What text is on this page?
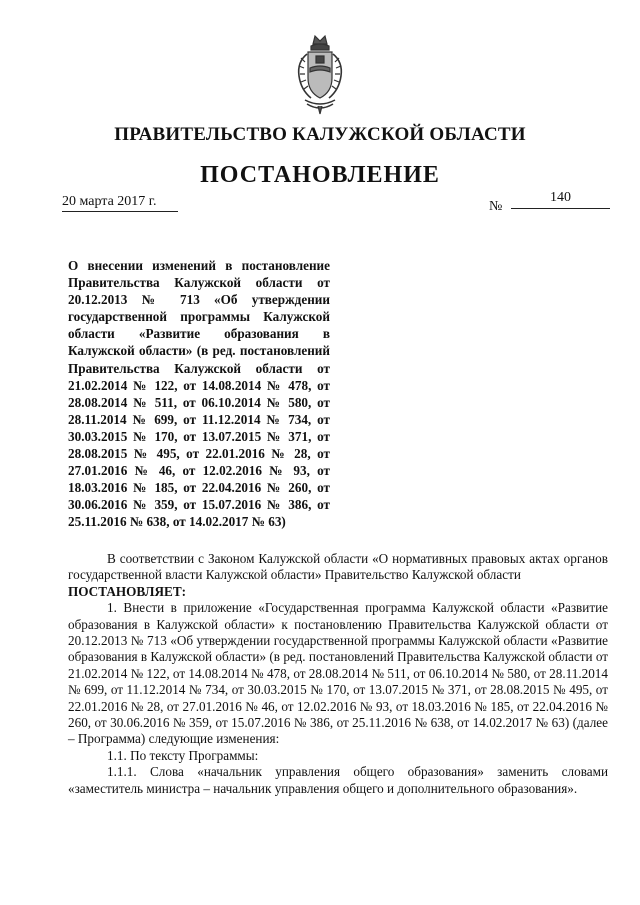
ПРАВИТЕЛЬСТВО КАЛУЖСКОЙ ОБЛАСТИ
ПОСТАНОВЛЕНИЕ
20 марта 2017 г.	№
140

О внесении изменений в постановление Правительства Калужской области от 20.12.2013 № 713 «Об утверждении государственной программы Калужской области «Развитие образования в Калужской области» (в ред. постановлений Правительства Калужской области от 21.02.2014 № 122, от 14.08.2014 № 478, от 28.08.2014 № 511, от 06.10.2014 № 580, от 28.11.2014 № 699, от 11.12.2014 № 734, от 30.03.2015 № 170, от 13.07.2015 № 371, от 28.08.2015 № 495, от 22.01.2016 № 28, от 27.01.2016 № 46, от 12.02.2016 № 93, от 18.03.2016 № 185, от 22.04.2016 № 260, от 30.06.2016 № 359, от 15.07.2016 № 386, от 25.11.2016 № 638, от 14.02.2017 № 63)

В соответствии с Законом Калужской области «О нормативных правовых актах органов государственной власти Калужской области» Правительство Калужской области

ПОСТАНОВЛЯЕТ:

1. Внести в приложение «Государственная программа Калужской области «Развитие образования в Калужской области» к постановлению Правительства Калужской области от 20.12.2013 № 713 «Об утверждении государственной программы Калужской области «Развитие образования в Калужской области» (в ред. постановлений Правительства Калужской области от 21.02.2014 № 122, от 14.08.2014 № 478, от 28.08.2014 № 511, от 06.10.2014 № 580, от 28.11.2014 № 699, от 11.12.2014 № 734, от 30.03.2015 № 170, от 13.07.2015 № 371, от 28.08.2015 № 495, от 22.01.2016 № 28, от 27.01.2016 № 46, от 12.02.2016 № 93, от 18.03.2016 № 185, от 22.04.2016 № 260, от 30.06.2016 № 359, от 15.07.2016 № 386, от 25.11.2016 № 638, от 14.02.2017 № 63) (далее – Программа) следующие изменения:

1.1. По тексту Программы:

1.1.1. Слова «начальник управления общего образования» заменить словами «заместитель министра – начальник управления общего и дополнительного образования».
